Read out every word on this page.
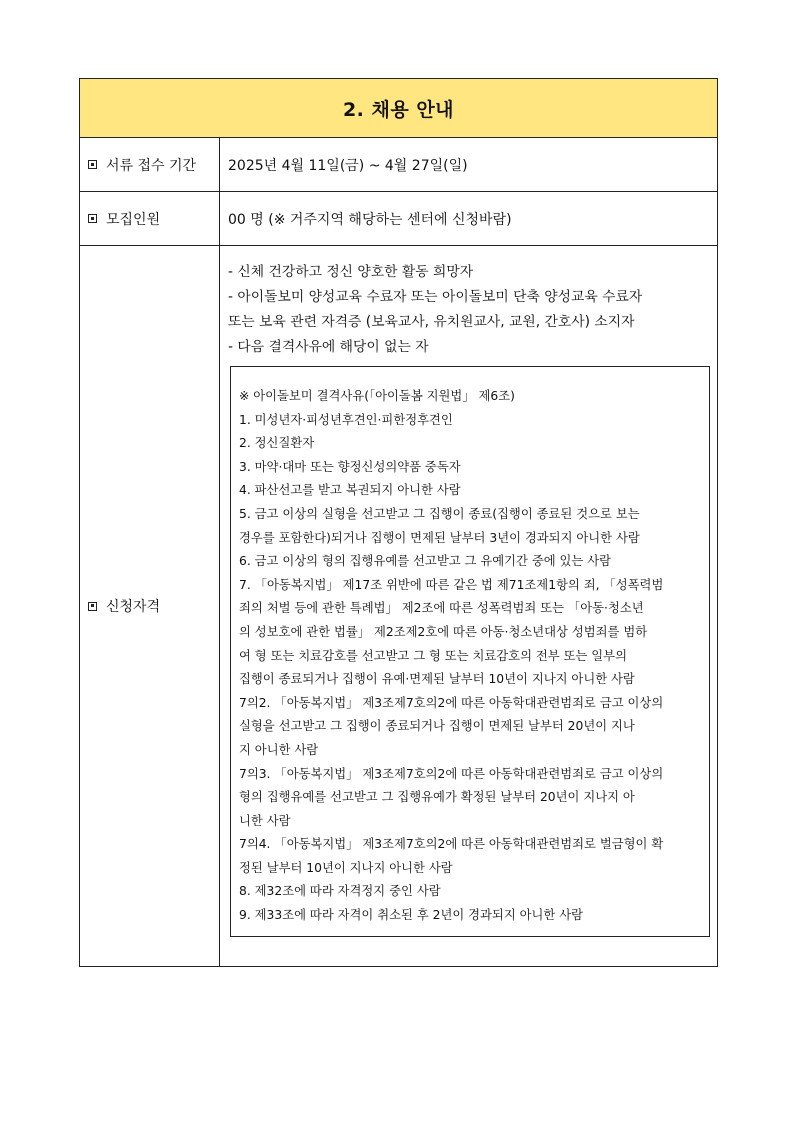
2. 채용 안내
서류 접수 기간 2025년 4월 11일(금) ~ 4월 27일(일)
모집인원	00 명 (※ 거주지역 해당하는 센터에 신청바람)
신청자격
- 신체 건강하고 정신 양호한 활동 희망자
- 아이돌보미 양성교육 수료자 또는 아이돌보미 단축 양성교육 수료자
또는 보육 관련 자격증 (보육교사, 유치원교사, 교원, 간호사) 소지자
- 다음 결격사유에 해당이 없는 자
※ 아이돌보미 결격사유(「아이돌봄 지원법」 제6조)
1. 미성년자·피성년후견인·피한정후견인
2. 정신질환자
3. 마약·대마 또는 향정신성의약품 중독자
4. 파산선고를 받고 복권되지 아니한 사람
5. 금고 이상의 실형을 선고받고 그 집행이 종료(집행이 종료된 것으로 보는
경우를 포함한다)되거나 집행이 면제된 날부터 3년이 경과되지 아니한 사람
6. 금고 이상의 형의 집행유예를 선고받고 그 유예기간 중에 있는 사람
7. 「아동복지법」 제17조 위반에 따른 같은 법 제71조제1항의 죄, 「성폭력범
죄의 처벌 등에 관한 특례법」 제2조에 따른 성폭력범죄 또는 「아동·청소년
의 성보호에 관한 법률」 제2조제2호에 따른 아동·청소년대상 성범죄를 범하
여 형 또는 치료감호를 선고받고 그 형 또는 치료감호의 전부 또는 일부의
집행이 종료되거나 집행이 유예·면제된 날부터 10년이 지나지 아니한 사람
7의2. 「아동복지법」 제3조제7호의2에 따른 아동학대관련범죄로 금고 이상의
실형을 선고받고 그 집행이 종료되거나 집행이 면제된 날부터 20년이 지나
지 아니한 사람
7의3. 「아동복지법」 제3조제7호의2에 따른 아동학대관련범죄로 금고 이상의
형의 집행유예를 선고받고 그 집행유예가 확정된 날부터 20년이 지나지 아
니한 사람
7의4. 「아동복지법」 제3조제7호의2에 따른 아동학대관련범죄로 벌금형이 확
정된 날부터 10년이 지나지 아니한 사람
8. 제32조에 따라 자격정지 중인 사람
9. 제33조에 따라 자격이 취소된 후 2년이 경과되지 아니한 사람
